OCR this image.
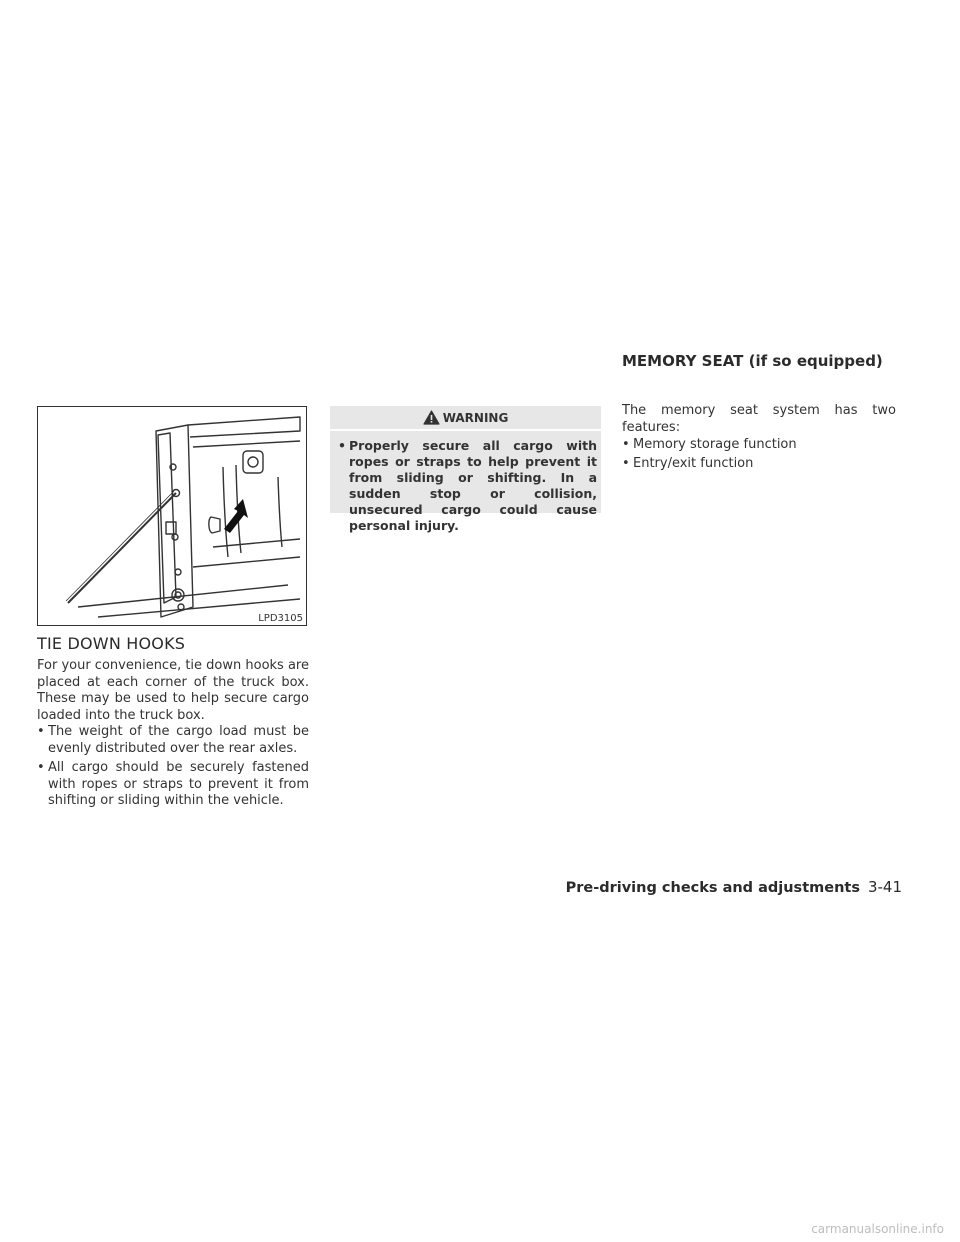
LPD3105
TIE DOWN HOOKS
For your convenience, tie down hooks are placed at each corner of the truck box. These may be used to help secure cargo loaded into the truck box.
• The weight of the cargo load must be evenly distributed over the rear axles.
• All cargo should be securely fastened with ropes or straps to prevent it from shifting or sliding within the vehicle.
WARNING
• Properly secure all cargo with ropes or straps to help prevent it from sliding or shifting. In a sudden stop or collision, unsecured cargo could cause personal injury.
MEMORY SEAT (if so equipped)
The memory seat system has two features:
• Memory storage function
• Entry/exit function
Pre-driving checks and adjustments 3-41
carmanualsonline.info
